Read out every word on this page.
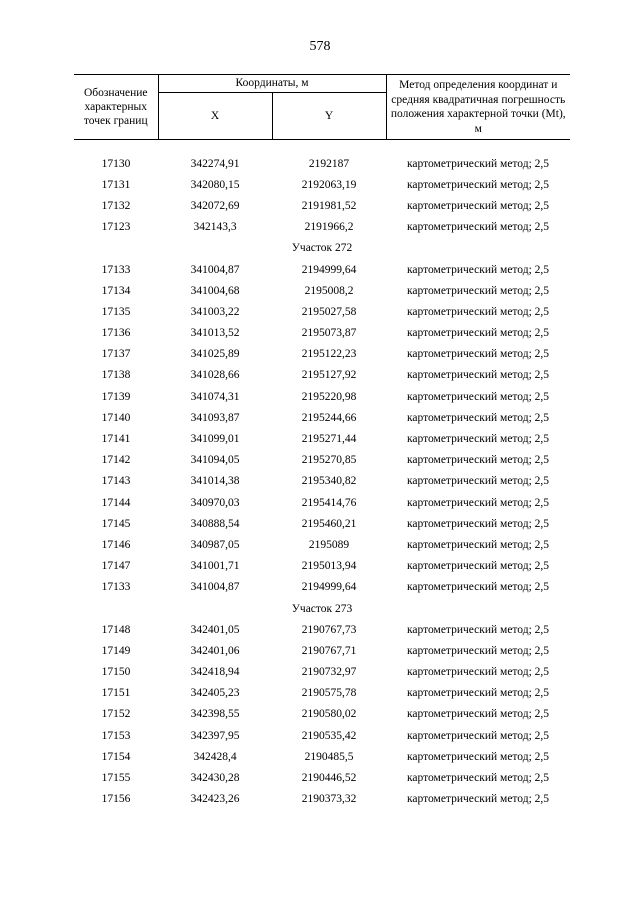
578
Обозначение характерных точек границ	Координаты, м		Метод определения координат и средняя квадратичная погрешность положения характерной точки (Mt), м
	X	Y	

17130	342274,91	2192187	картометрический метод; 2,5
17131	342080,15	2192063,19	картометрический метод; 2,5
17132	342072,69	2191981,52	картометрический метод; 2,5
17123	342143,3	2191966,2	картометрический метод; 2,5
Участок 272			
17133	341004,87	2194999,64	картометрический метод; 2,5
17134	341004,68	2195008,2	картометрический метод; 2,5
17135	341003,22	2195027,58	картометрический метод; 2,5
17136	341013,52	2195073,87	картометрический метод; 2,5
17137	341025,89	2195122,23	картометрический метод; 2,5
17138	341028,66	2195127,92	картометрический метод; 2,5
17139	341074,31	2195220,98	картометрический метод; 2,5
17140	341093,87	2195244,66	картометрический метод; 2,5
17141	341099,01	2195271,44	картометрический метод; 2,5
17142	341094,05	2195270,85	картометрический метод; 2,5
17143	341014,38	2195340,82	картометрический метод; 2,5
17144	340970,03	2195414,76	картометрический метод; 2,5
17145	340888,54	2195460,21	картометрический метод; 2,5
17146	340987,05	2195089	картометрический метод; 2,5
17147	341001,71	2195013,94	картометрический метод; 2,5
17133	341004,87	2194999,64	картометрический метод; 2,5
Участок 273			
17148	342401,05	2190767,73	картометрический метод; 2,5
17149	342401,06	2190767,71	картометрический метод; 2,5
17150	342418,94	2190732,97	картометрический метод; 2,5
17151	342405,23	2190575,78	картометрический метод; 2,5
17152	342398,55	2190580,02	картометрический метод; 2,5
17153	342397,95	2190535,42	картометрический метод; 2,5
17154	342428,4	2190485,5	картометрический метод; 2,5
17155	342430,28	2190446,52	картометрический метод; 2,5
17156	342423,26	2190373,32	картометрический метод; 2,5
